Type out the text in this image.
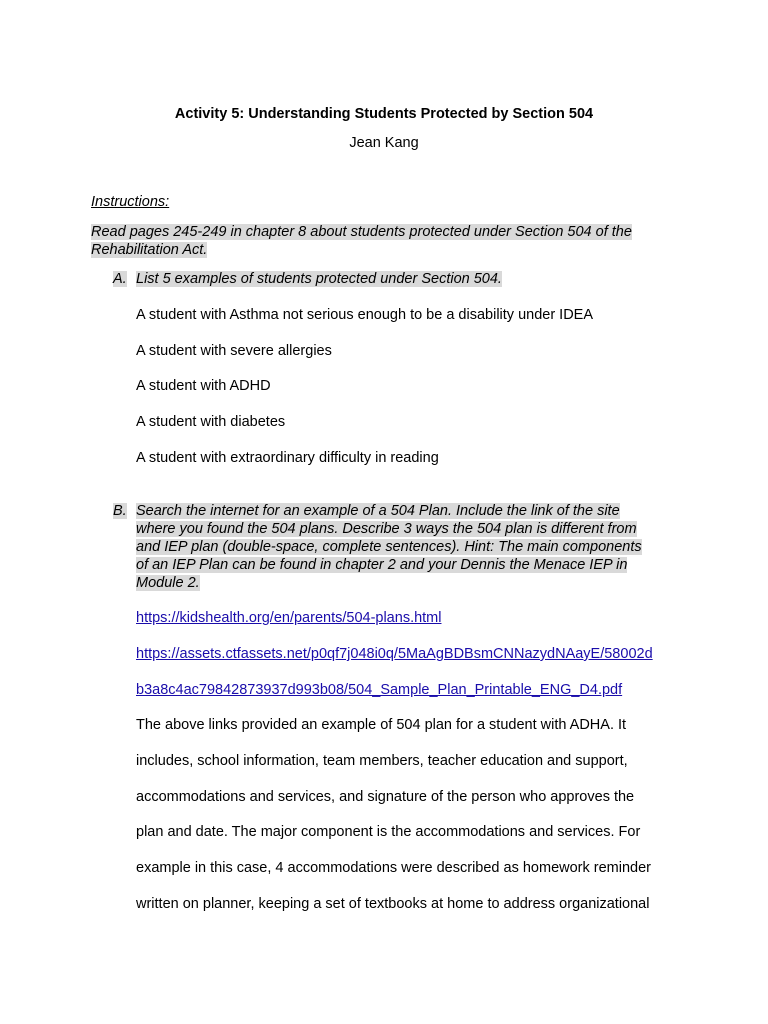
Activity 5: Understanding Students Protected by Section 504
Jean Kang
Instructions:
Read pages 245-249 in chapter 8 about students protected under Section 504 of the
Rehabilitation Act.
A. List 5 examples of students protected under Section 504.
A student with Asthma not serious enough to be a disability under IDEA
A student with severe allergies
A student with ADHD
A student with diabetes
A student with extraordinary difficulty in reading
B. Search the internet for an example of a 504 Plan. Include the link of the site
where you found the 504 plans. Describe 3 ways the 504 plan is different from
and IEP plan (double-space, complete sentences). Hint: The main components
of an IEP Plan can be found in chapter 2 and your Dennis the Menace IEP in
Module 2.
https://kidshealth.org/en/parents/504-plans.html
https://assets.ctfassets.net/p0qf7j048i0q/5MaAgBDBsmCNNazydNAayE/58002d
b3a8c4ac79842873937d993b08/504_Sample_Plan_Printable_ENG_D4.pdf
The above links provided an example of 504 plan for a student with ADHA. It
includes, school information, team members, teacher education and support,
accommodations and services, and signature of the person who approves the
plan and date. The major component is the accommodations and services. For
example in this case, 4 accommodations were described as homework reminder
written on planner, keeping a set of textbooks at home to address organizational
